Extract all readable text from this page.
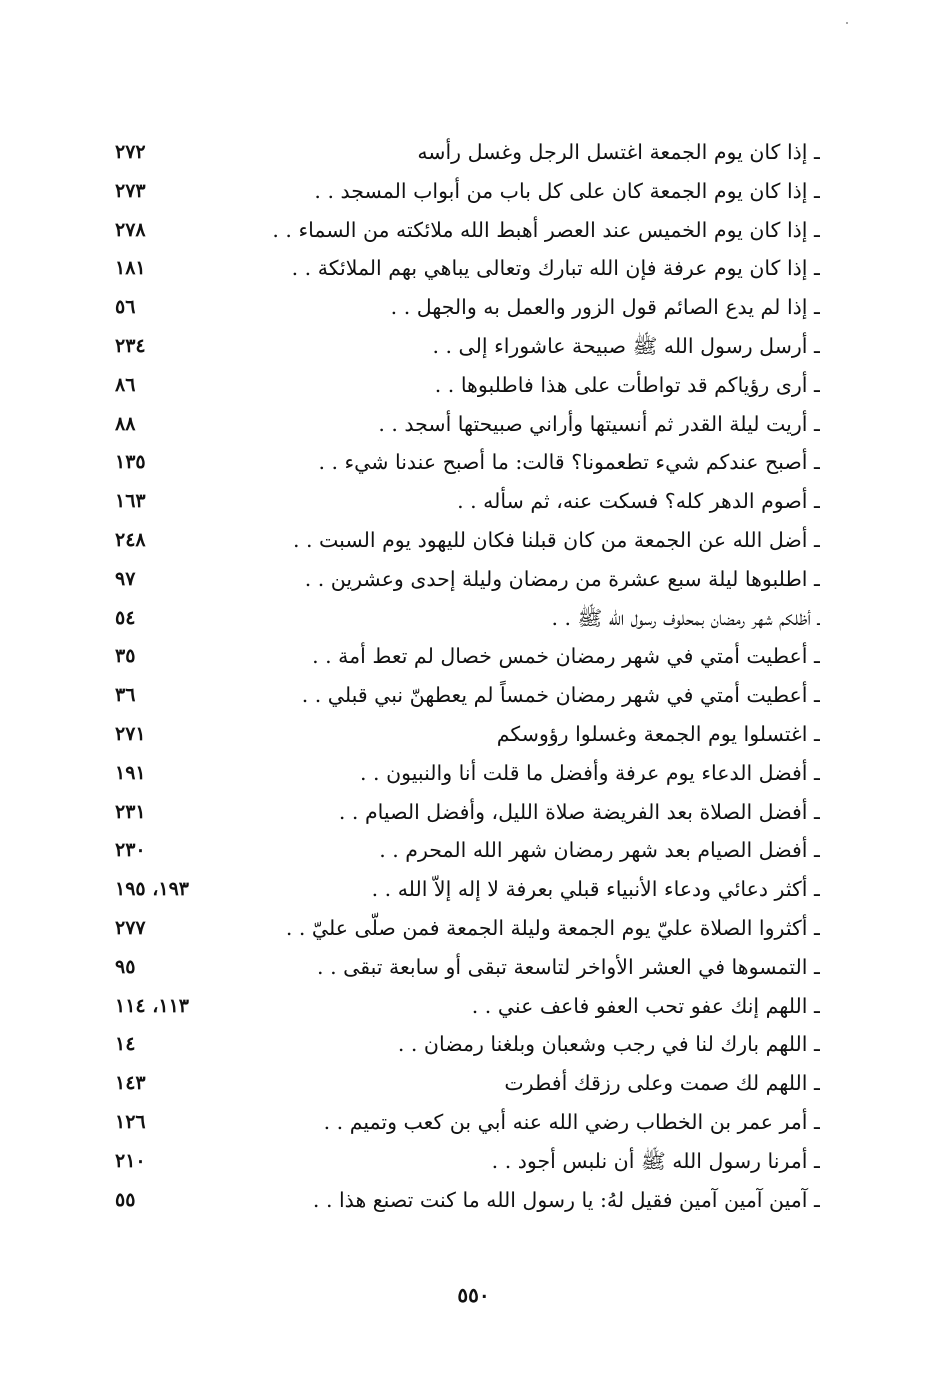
ـ إذا كان يوم الجمعة اغتسل الرجل وغسل رأسه
٢٧٢
ـ إذا كان يوم الجمعة كان على كل باب من أبواب المسجد . .
٢٧٣
ـ إذا كان يوم الخميس عند العصر أهبط الله ملائكته من السماء . .
٢٧٨
ـ إذا كان يوم عرفة فإن الله تبارك وتعالى يباهي بهم الملائكة . .
١٨١
ـ إذا لم يدع الصائم قول الزور والعمل به والجهل . .
٥٦
ـ أرسل رسول الله ﷺ صبيحة عاشوراء إلى . .
٢٣٤
ـ أرى رؤياكم قد تواطأت على هذا فاطلبوها . .
٨٦
ـ أريت ليلة القدر ثم أنسيتها وأراني صبيحتها أسجد . .
٨٨
ـ أصبح عندكم شيء تطعمونا؟ قالت: ما أصبح عندنا شيء . .
١٣٥
ـ أصوم الدهر كله؟ فسكت عنه، ثم سأله . .
١٦٣
ـ أضل الله عن الجمعة من كان قبلنا فكان لليهود يوم السبت . .
٢٤٨
ـ اطلبوها ليلة سبع عشرة من رمضان وليلة إحدى وعشرين . .
٩٧
ـ أظلكم شهر رمضان بمحلوف رسول الله ﷺ . .
٥٤
ـ أعطيت أمتي في شهر رمضان خمس خصال لم تعط أمة . .
٣٥
ـ أعطيت أمتي في شهر رمضان خمساً لم يعطهنّ نبي قبلي . .
٣٦
ـ اغتسلوا يوم الجمعة وغسلوا رؤوسكم
٢٧١
ـ أفضل الدعاء يوم عرفة وأفضل ما قلت أنا والنبيون . .
١٩١
ـ أفضل الصلاة بعد الفريضة صلاة الليل، وأفضل الصيام . .
٢٣١
ـ أفضل الصيام بعد شهر رمضان شهر الله المحرم . .
٢٣٠
ـ أكثر دعائي ودعاء الأنبياء قبلي بعرفة لا إله إلاّ الله . .
١٩٣، ١٩٥
ـ أكثروا الصلاة عليّ يوم الجمعة وليلة الجمعة فمن صلّى عليّ . .
٢٧٧
ـ التمسوها في العشر الأواخر لتاسعة تبقى أو سابعة تبقى . .
٩٥
ـ اللهم إنك عفو تحب العفو فاعف عني . .
١١٣، ١١٤
ـ اللهم بارك لنا في رجب وشعبان وبلغنا رمضان . .
١٤
ـ اللهم لك صمت وعلى رزقك أفطرت
١٤٣
ـ أمر عمر بن الخطاب رضي الله عنه أبي بن كعب وتميم . .
١٢٦
ـ أمرنا رسول الله ﷺ أن نلبس أجود . .
٢١٠
ـ آمين آمين آمين فقيل لهُ: يا رسول الله ما كنت تصنع هذا . .
٥٥
٥٥٠
